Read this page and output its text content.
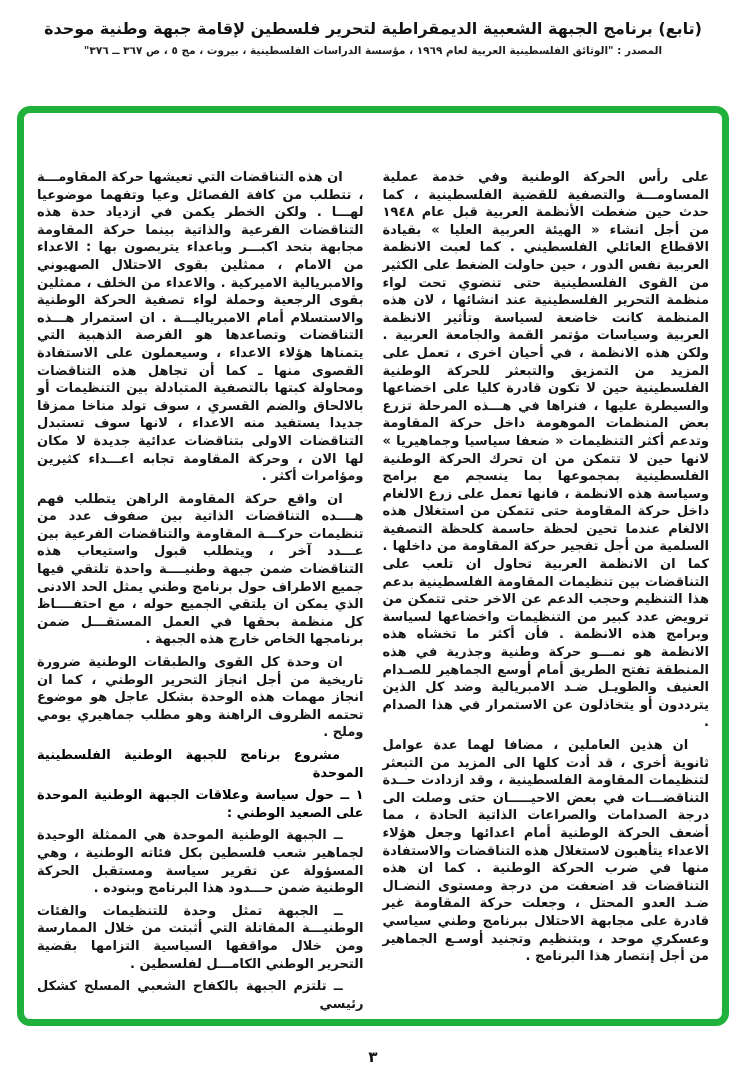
(تابع) برنامج الجبهة الشعبية الديمقراطية لتحرير فلسطين لإقامة جبهة وطنية موحدة
المصدر : "الوثائق الفلسطينية العربية لعام ١٩٦٩ ، مؤسسة الدراسات الفلسطينية ، بيروت ، مج ٥ ، ص ٣٦٧ ــ ٣٧٦"

على رأس الحركة الوطنية وفي خدمة عملية المساومـــة والتصفية للقضية الفلسطينية ، كما حدث حين ضغطت الأنظمة العربية قبل عام ١٩٤٨ من أجل انشاء « الهيئة العربية العليا » بقيادة الاقطاع العائلي الفلسطيني . كما لعبت الانظمة العربية نفس الدور ، حين حاولت الضغط على الكثير من القوى الفلسطينية حتى تنضوي تحت لواء منظمة التحرير الفلسطينية عند انشائها ، لان هذه المنظمة كانت خاضعة لسياسة وتأثير الانظمة العربية وسياسات مؤتمر القمة والجامعة العربية . ولكن هذه الانظمة ، في أحيان اخرى ، تعمل على المزيد من التمزيق والتبعثر للحركة الوطنية الفلسطينية حين لا تكون قادرة كليا على اخضاعها والسيطرة عليها ، فنراها في هـــذه المرحلة تزرع بعض المنظمات الموهومة داخل حركة المقاومة وتدعم أكثر التنظيمات « ضعفا سياسيا وجماهيريا » لانها حين لا تتمكن من ان تحرك الحركة الوطنية الفلسطينية بمجموعها بما ينسجم مع برامج وسياسة هذه الانظمة ، فانها تعمل على زرع الالغام داخل حركة المقاومة حتى تتمكن من استغلال هذه الالغام عندما تحين لحظة حاسمة كلحظة التصفية السلمية من أجل تفجير حركة المقاومة من داخلها . كما ان الانظمة العربية تحاول ان تلعب على التناقضات بين تنظيمات المقاومة الفلسطينية بدعم هذا التنظيم وحجب الدعم عن الاخر حتى تتمكن من ترويض عدد كبير من التنظيمات واخضاعها لسياسة وبرامج هذه الانظمة . فأن أكثر ما تخشاه هذه الانظمة هو نمـــو حركة وطنية وجذرية في هذه المنطقة تفتح الطريق أمام أوسع الجماهير للصـدام العنيف والطويـل ضـد الامبريالية وضد كل الذين يترددون أو يتخاذلون عن الاستمرار في هذا الصدام .

ان هذين العاملين ، مضافا لهما عدة عوامل ثانوية أخرى ، قد أدت كلها الى المزيد من التبعثر لتنظيمات المقاومة الفلسطينية ، وقد ازدادت حــدة التناقضـــات في بعض الاحيـــــان حتى وصلت الى درجة الصدامات والصراعات الذاتية الحادة ، مما أضعف الحركة الوطنية أمام اعدائها وجعل هؤلاء الاعداء يتأهبون لاستغلال هذه التناقضات والاستفادة منها في ضرب الحركة الوطنية . كما ان هذه التناقضات قد اضعفت من درجة ومستوى النضـال ضـد العدو المحتل ، وجعلت حركة المقاومة غير قادرة على مجابهة الاحتلال ببرنامج وطني سياسي وعسكري موحد ، وبتنظيم وتجنيد أوسـع الجماهير من أجل إنتصار هذا البرنامج .

ان هذه التناقضات التي تعيشها حركة المقاومـــة ، تتطلب من كافة الفصائل وعيا وتفهما موضوعيا لهـــا . ولكن الخطر يكمن في ازدياد حدة هذه التناقضات الفرعية والذاتية بينما حركة المقاومة مجابهة بتحد اكبـــر وباعداء يتربصون بها : الاعداء من الامام ، ممثلين بقوى الاحتلال الصهيوني والامبريالية الاميركية . والاعداء من الخلف ، ممثلين بقوى الرجعية وحملة لواء تصفية الحركة الوطنية والاستسلام أمام الامبرياليـــة . ان استمرار هـــذه التناقضات وتصاعدها هو الفرصة الذهبية التي يتمناها هؤلاء الاعداء ، وسيعملون على الاستفادة القصوى منها ـ كما أن تجاهل هذه التناقضات ومحاولة كبتها بالتصفية المتبادلة بين التنظيمات أو بالالحاق والضم القسري ، سوف تولد مناخا ممزقا جديدا يستفيد منه الاعداء ، لانها سوف تستبدل التناقضات الاولى بتناقضات عدائية جديدة لا مكان لها الان ، وحركة المقاومة تجابه اعـــداء كثيرين ومؤامرات أكثر .

ان واقع حركة المقاومة الراهن يتطلب فهم هــــده التناقضات الذاتية بين صفوف عدد من تنظيمات حركـــة المقاومة والتناقضات الفرعية بين عـــدد آخر ، ويتطلب قبول واستيعاب هذه التناقضات ضمن جبهة وطنيــــة واحدة تلتقي فيها جميع الاطراف حول برنامج وطني يمثل الحد الادنى الذي يمكن ان يلتقي الجميع حوله ، مع احتفــــاظ كل منظمة بحقها في العمل المستقـــل ضمن برنامجها الخاص خارج هذه الجبهة .

ان وحدة كل القوى والطبقات الوطنية ضرورة تاريخية من أجل انجاز التحرير الوطني ، كما ان انجاز مهمات هذه الوحدة بشكل عاجل هو موضوع تحتمه الظروف الراهنة وهو مطلب جماهيري يومي وملح .

مشروع برنامج للجبهة الوطنية الفلسطينية الموحدة

١ ــ حول سياسة وعلاقات الجبهة الوطنية الموحدة على الصعيد الوطني :

ــ الجبهة الوطنية الموحدة هي الممثلة الوحيدة لجماهير شعب فلسطين بكل فئاته الوطنية ، وهي المسؤولة عن تقرير سياسة ومستقبل الحركة الوطنية ضمن حـــدود هذا البرنامج وبنوده .

ــ الجبهة تمثل وحدة للتنظيمات والفئات الوطنيـــة المقاتلة التي أثبتت من خلال الممارسة ومن خلال مواقفها السياسية التزامها بقضية التحرير الوطني الكامـــل لفلسطين .

ــ تلتزم الجبهة بالكفاح الشعبي المسلح كشكل رئيسي

٣
